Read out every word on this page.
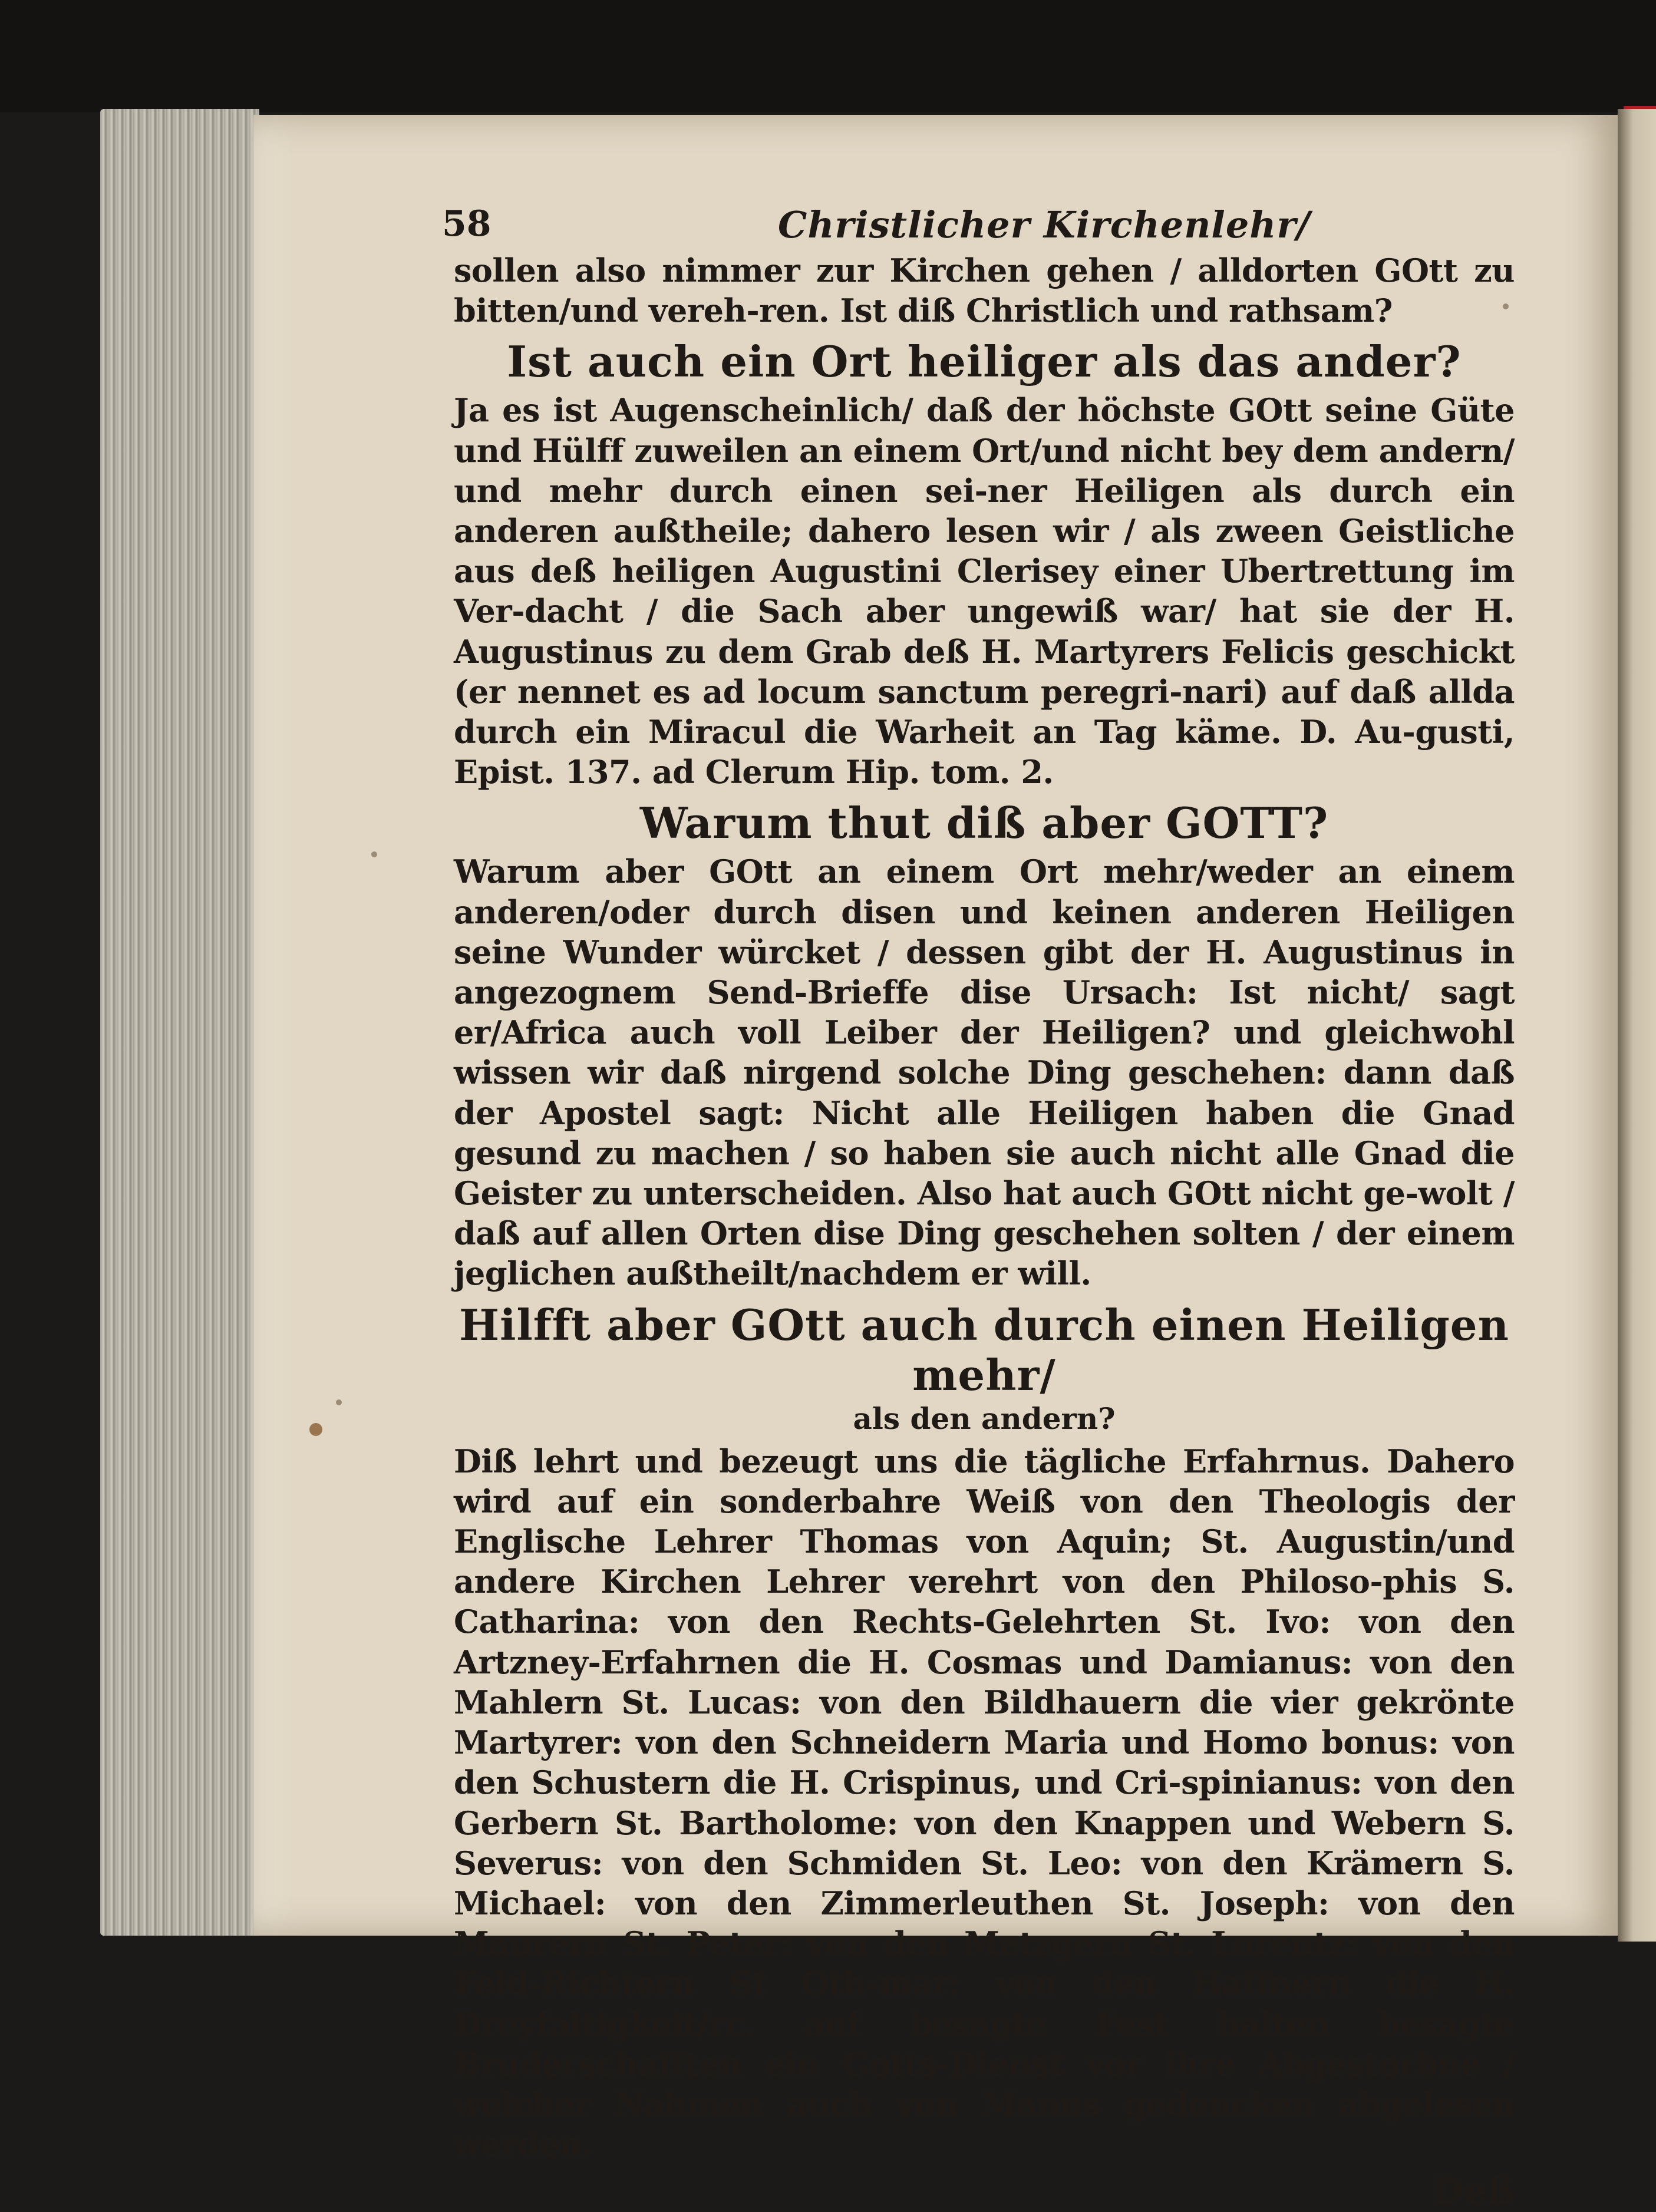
58	Christlicher Kirchenlehr/

sollen also nimmer zur Kirchen gehen / alldorten GOtt zu bitten/und vereh-ren. Ist diß Christlich und rathsam?

Ist auch ein Ort heiliger als das ander?

Ja es ist Augenscheinlich/ daß der höchste GOtt seine Güte und Hülff zuweilen an einem Ort/und nicht bey dem andern/ und mehr durch einen sei-ner Heiligen als durch ein anderen außtheile; dahero lesen wir / als zween Geistliche aus deß heiligen Augustini Clerisey einer Ubertrettung im Ver-dacht / die Sach aber ungewiß war/ hat sie der H. Augustinus zu dem Grab deß H. Martyrers Felicis geschickt (er nennet es ad locum sanctum peregri-nari) auf daß allda durch ein Miracul die Warheit an Tag käme. D. Au-gusti, Epist. 137. ad Clerum Hip. tom. 2.

Warum thut diß aber GOTT?

Warum aber GOtt an einem Ort mehr/weder an einem anderen/oder durch disen und keinen anderen Heiligen seine Wunder würcket / dessen gibt der H. Augustinus in angezognem Send-Brieffe dise Ursach: Ist nicht/ sagt er/Africa auch voll Leiber der Heiligen? und gleichwohl wissen wir daß nirgend solche Ding geschehen: dann daß der Apostel sagt: Nicht alle Heiligen haben die Gnad gesund zu machen / so haben sie auch nicht alle Gnad die Geister zu unterscheiden. Also hat auch GOtt nicht ge-wolt / daß auf allen Orten dise Ding geschehen solten / der einem jeglichen außtheilt/nachdem er will.

Hilfft aber GOtt auch durch einen Heiligen mehr/
als den andern?

Diß lehrt und bezeugt uns die tägliche Erfahrnus. Dahero wird auf ein sonderbahre Weiß von den Theologis der Englische Lehrer Thomas von Aquin; St. Augustin/und andere Kirchen Lehrer verehrt von den Philoso-phis S. Catharina: von den Rechts-Gelehrten St. Ivo: von den Artzney-Erfahrnen die H. Cosmas und Damianus: von den Mahlern St. Lucas: von den Bildhauern die vier gekrönte Martyrer: von den Schneidern Maria und Homo bonus: von den Schustern die H. Crispinus, und Cri-spinianus: von den Gerbern St. Bartholome: von den Knappen und Webern S. Severus: von den Schmiden St. Leo: von den Krämern S. Michael: von den Zimmerleuthen St. Joseph: von den Maurern St. Peter: von den Metzgern St. Lorentz: von den Feld-Richtern St Oth-mar: von den Haffnern die H. Dreyfaltigkeit/rc. auf besagte Fest halten besagte Bruderschafften ein Gotts-Dienst vor ihre Abgestorbne / welcher Nahmen auch von Manns gedencken abgelesen werden.

Deß
